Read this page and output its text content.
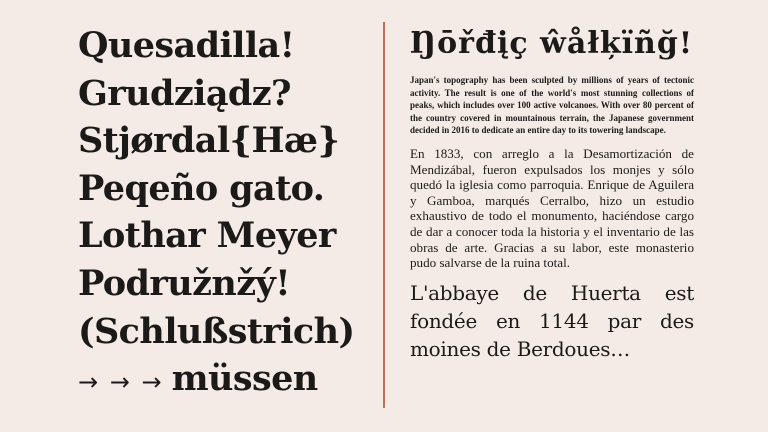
Quesadilla!
Grudziądz?
Stjørdal{Hæ}
Peqeño gato.
Lothar Meyer
Podružnžý!
(Schlußstrich)
→ → → müssen
Ŋōřđįç ŵåłķïñğ!
Japan's topography has been sculpted by millions of years of tectonic activity. The result is one of the world's most stunning collections of peaks, which includes over 100 active volcanoes. With over 80 percent of the country covered in mountainous terrain, the Japanese government decided in 2016 to dedicate an entire day to its towering landscape.
En 1833, con arreglo a la Desamortización de Mendizábal, fueron expulsados los monjes y sólo quedó la iglesia como parroquia. Enrique de Aguilera y Gamboa, marqués Cerralbo, hizo un estudio exhaustivo de todo el monumento, haciéndose cargo de dar a conocer toda la historia y el inventario de las obras de arte. Gracias a su labor, este monasterio pudo salvarse de la ruina total.
L'abbaye de Huerta est fondée en 1144 par des moines de Berdoues…
